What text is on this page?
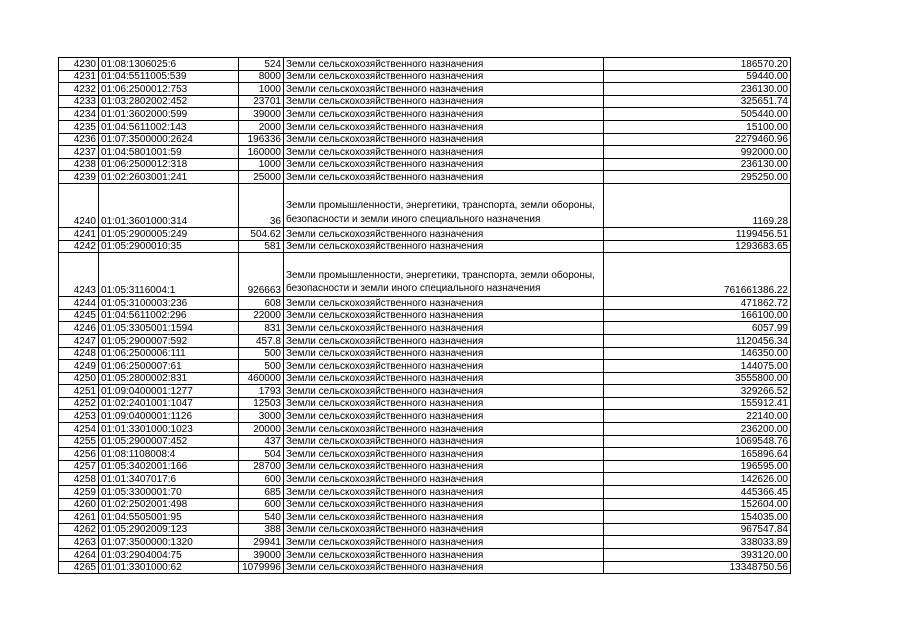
4230	01:08:1306025:6	524	Земли сельскохозяйственного назначения	186570.20
4231	01:04:5511005:539	8000	Земли сельскохозяйственного назначения	59440.00
4232	01:06:2500012:753	1000	Земли сельскохозяйственного назначения	236130.00
4233	01:03:2802002:452	23701	Земли сельскохозяйственного назначения	325651.74
4234	01:01:3602000:599	39000	Земли сельскохозяйственного назначения	505440.00
4235	01:04:5611002:143	2000	Земли сельскохозяйственного назначения	15100.00
4236	01:07:3500000:2624	196336	Земли сельскохозяйственного назначения	2279460.96
4237	01:04:5801001:59	160000	Земли сельскохозяйственного назначения	992000.00
4238	01:06:2500012:318	1000	Земли сельскохозяйственного назначения	236130.00
4239	01:02:2603001:241	25000	Земли сельскохозяйственного назначения	295250.00
4240	01:01:3601000:314	36	Земли промышленности, энергетики, транспорта, земли обороны, безопасности и земли иного специального назначения	1169.28
4241	01:05:2900005:249	504.62	Земли сельскохозяйственного назначения	1199456.51
4242	01:05:2900010:35	581	Земли сельскохозяйственного назначения	1293683.65
4243	01:05:3116004:1	926663	Земли промышленности, энергетики, транспорта, земли обороны, безопасности и земли иного специального назначения	761661386.22
4244	01:05:3100003:236	608	Земли сельскохозяйственного назначения	471862.72
4245	01:04:5611002:296	22000	Земли сельскохозяйственного назначения	166100.00
4246	01:05:3305001:1594	831	Земли сельскохозяйственного назначения	6057.99
4247	01:05:2900007:592	457.8	Земли сельскохозяйственного назначения	1120456.34
4248	01:06:2500006:111	500	Земли сельскохозяйственного назначения	146350.00
4249	01:06:2500007:61	500	Земли сельскохозяйственного назначения	144075.00
4250	01:05:2800002:831	460000	Земли сельскохозяйственного назначения	3555800.00
4251	01:09:0400001:1277	1793	Земли сельскохозяйственного назначения	329266.52
4252	01:02:2401001:1047	12503	Земли сельскохозяйственного назначения	155912.41
4253	01:09:0400001:1126	3000	Земли сельскохозяйственного назначения	22140.00
4254	01:01:3301000:1023	20000	Земли сельскохозяйственного назначения	236200.00
4255	01:05:2900007:452	437	Земли сельскохозяйственного назначения	1069548.76
4256	01:08:1108008:4	504	Земли сельскохозяйственного назначения	165896.64
4257	01:05:3402001:166	28700	Земли сельскохозяйственного назначения	196595.00
4258	01:01:3407017:6	600	Земли сельскохозяйственного назначения	142626.00
4259	01:05:3300001:70	685	Земли сельскохозяйственного назначения	445366.45
4260	01:02:2502001:498	600	Земли сельскохозяйственного назначения	152604.00
4261	01:04:5505001:95	540	Земли сельскохозяйственного назначения	154035.00
4262	01:05:2902009:123	388	Земли сельскохозяйственного назначения	967547.84
4263	01:07:3500000:1320	29941	Земли сельскохозяйственного назначения	338033.89
4264	01:03:2904004:75	39000	Земли сельскохозяйственного назначения	393120.00
4265	01:01:3301000:62	1079996	Земли сельскохозяйственного назначения	13348750.56
